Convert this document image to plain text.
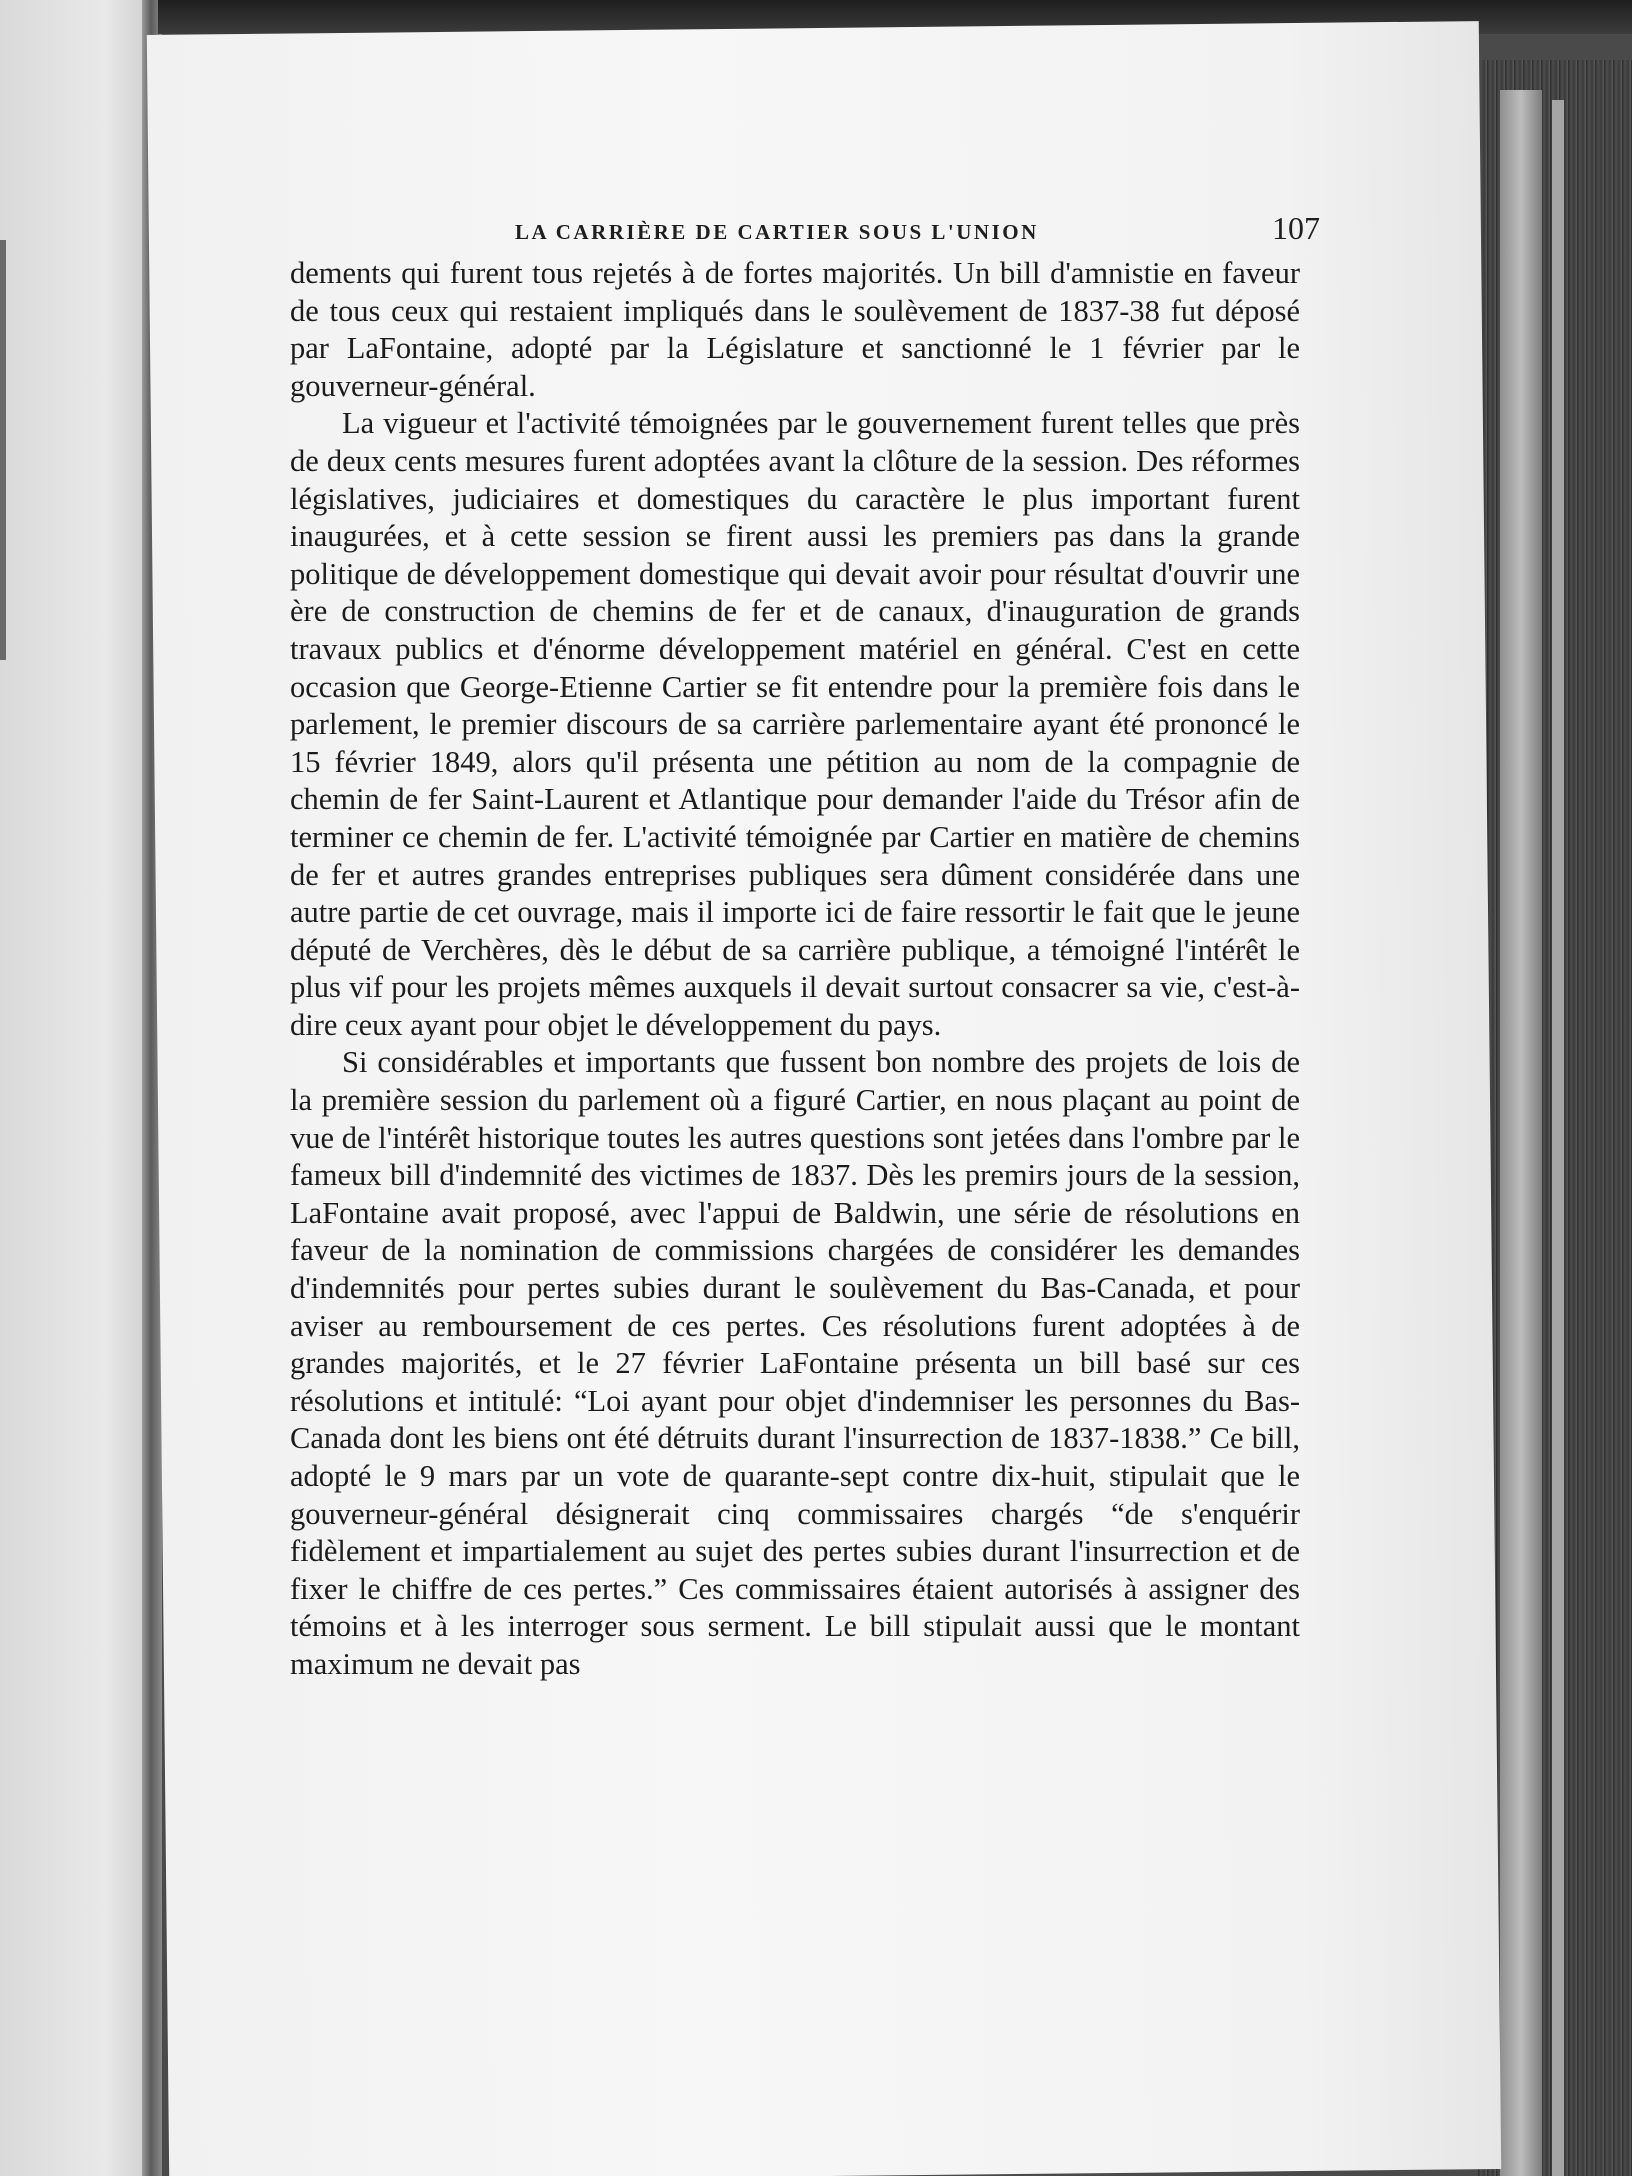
LA CARRIÈRE DE CARTIER SOUS L'UNION	107

dements qui furent tous rejetés à de fortes majorités. Un bill d'amnistie en faveur de tous ceux qui restaient impliqués dans le soulèvement de 1837-38 fut déposé par LaFontaine, adopté par la Législature et sanctionné le 1 février par le gouverneur-général.

La vigueur et l'activité témoignées par le gouvernement furent telles que près de deux cents mesures furent adoptées avant la clôture de la session. Des réformes législatives, judiciaires et domestiques du caractère le plus important furent inaugurées, et à cette session se firent aussi les premiers pas dans la grande politique de développement domestique qui devait avoir pour résultat d'ouvrir une ère de construction de chemins de fer et de canaux, d'inauguration de grands travaux publics et d'énorme développement matériel en général. C'est en cette occasion que George-Etienne Cartier se fit entendre pour la première fois dans le parlement, le premier discours de sa carrière parlementaire ayant été prononcé le 15 février 1849, alors qu'il présenta une pétition au nom de la compagnie de chemin de fer Saint-Laurent et Atlantique pour demander l'aide du Trésor afin de terminer ce chemin de fer. L'activité témoignée par Cartier en matière de chemins de fer et autres grandes entreprises publiques sera dûment considérée dans une autre partie de cet ouvrage, mais il importe ici de faire ressortir le fait que le jeune député de Verchères, dès le début de sa carrière publique, a témoigné l'intérêt le plus vif pour les projets mêmes auxquels il devait surtout consacrer sa vie, c'est-à-dire ceux ayant pour objet le développement du pays.

Si considérables et importants que fussent bon nombre des projets de lois de la première session du parlement où a figuré Cartier, en nous plaçant au point de vue de l'intérêt historique toutes les autres questions sont jetées dans l'ombre par le fameux bill d'indemnité des victimes de 1837. Dès les premirs jours de la session, LaFontaine avait proposé, avec l'appui de Baldwin, une série de résolutions en faveur de la nomination de commissions chargées de considérer les demandes d'indemnités pour pertes subies durant le soulèvement du Bas-Canada, et pour aviser au remboursement de ces pertes. Ces résolutions furent adoptées à de grandes majorités, et le 27 février LaFontaine présenta un bill basé sur ces résolutions et intitulé: “Loi ayant pour objet d'indemniser les personnes du Bas-Canada dont les biens ont été détruits durant l'insurrection de 1837-1838.” Ce bill, adopté le 9 mars par un vote de quarante-sept contre dix-huit, stipulait que le gouverneur-général désignerait cinq commissaires chargés “de s'enquérir fidèlement et impartialement au sujet des pertes subies durant l'insurrection et de fixer le chiffre de ces pertes.” Ces commissaires étaient autorisés à assigner des témoins et à les interroger sous serment. Le bill stipulait aussi que le montant maximum ne devait pas
